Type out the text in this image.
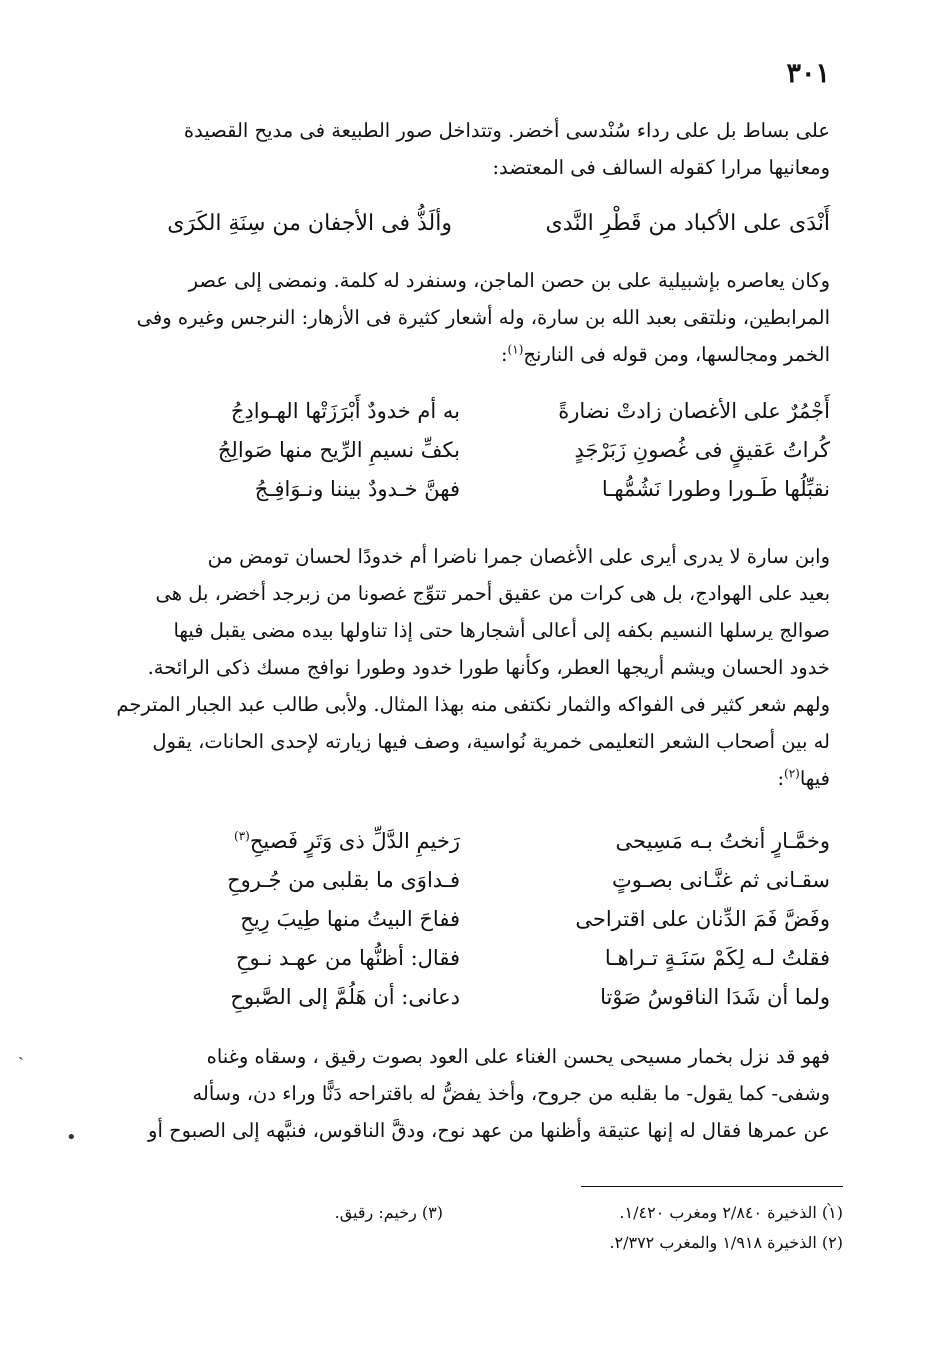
٣٠١
على بساط بل على رداء سُنْدسى أخضر. وتتداخل صور الطبيعة فى مديح القصيدة
ومعانيها مرارا كقوله السالف فى المعتضد:
أَنْدَى على الأكباد من قَطْرِ النَّدى
وألَذُّ فى الأجفان من سِنَةِ الكَرَى
وكان يعاصره بإشبيلية على بن حصن الماجن، وسنفرد له كلمة. ونمضى إلى عصر
المرابطين، ونلتقى بعبد الله بن سارة، وله أشعار كثيرة فى الأزهار: النرجس وغيره وفى
الخمر ومجالسها، ومن قوله فى النارنج$^{(١)}$:
أَجْمُرٌ على الأغصان زادتْ نضارةً
به أم خدودٌ أَبْرَزَتْها الهـوادِجُ
كُراتُ عَقيقٍ فى غُصونِ زَبَرْجَدٍ
بكفِّ نسيمِ الرِّيح منها صَوالِجُ
نقبِّلُها طَـورا وطورا نَشُمُّهـا
فهنَّ خـدودٌ بيننا ونـوَافِـجُ
وابن سارة لا يدرى أيرى على الأغصان جمرا ناضرا أم خدودًا لحسان تومض من
بعيد على الهوادج، بل هى كرات من عقيق أحمر تتوِّج غصونا من زبرجد أخضر، بل هى
صوالج يرسلها النسيم بكفه إلى أعالى أشجارها حتى إذا تناولها بيده مضى يقبل فيها
خدود الحسان ويشم أريجها العطر، وكأنها طورا خدود وطورا نوافج مسك ذكى الرائحة.
ولهم شعر كثير فى الفواكه والثمار نكتفى منه بهذا المثال. ولأبى طالب عبد الجبار المترجم
له بين أصحاب الشعر التعليمى خمرية نُواسية، وصف فيها زيارته لإحدى الحانات، يقول
فيها$^{(٢)}$:
وخمَّـارٍ أنختُ بـه مَسِيحى
رَخيمِ الدَّلِّ ذى وَتَرٍ فَصيحِ$^{(٣)}$
سقـانى ثم غنَّـانى بصـوتٍ
فـداوَى ما بقلبى من جُـروحِ
وفَضَّ فَمَ الدِّنان على اقتراحى
ففاحَ البيتُ منها طِيبَ رِيحِ
فقلتُ لـه لِكَمْ سَنَـةٍ تـراهـا
فقال: أظنُّها من عهـد نـوحِ
ولما أن شَدَا الناقوسُ صَوْتا
دعانى: أن هَلُمَّ إلى الصَّبوحِ
فهو قد نزل بخمار مسيحى يحسن الغناء على العود بصوت رقيق ، وسقاه وغناه
وشفى- كما يقول- ما بقلبه من جروح، وأخذ يفضُّ له باقتراحه دَنًّا وراء دن، وسأله
عن عمرها فقال له إنها عتيقة وأظنها من عهد نوح، ودقَّ الناقوس، فنبَّهه إلى الصبوح أو
ˏ
•
ˏ
(١) الذخيرة ٢/٨٤٠ ومغرب ١/٤٢٠.
(٣) رخيم: رقيق.
(٢) الذخيرة ١/٩١٨ والمغرب ٢/٣٧٢.
